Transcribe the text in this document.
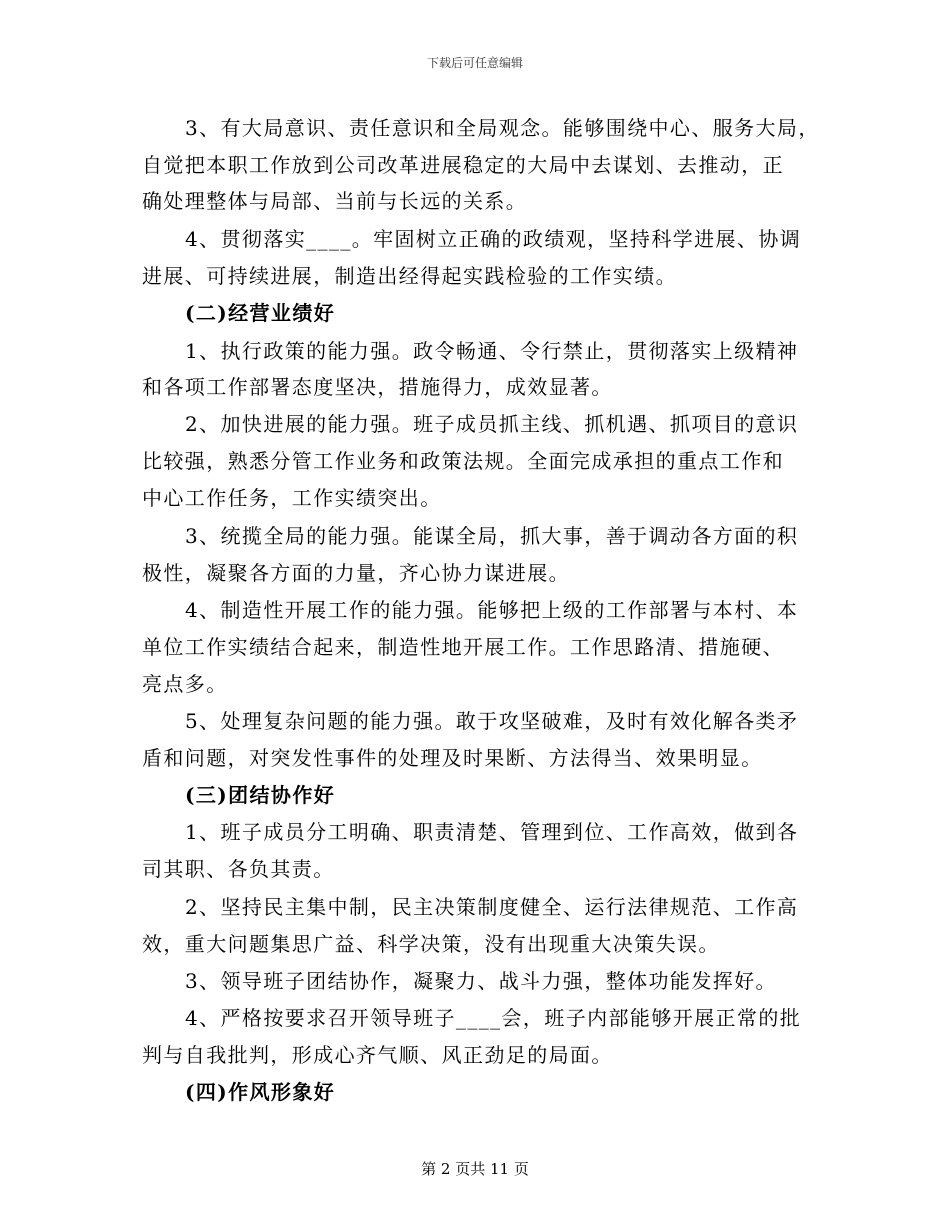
下载后可任意编辑
3、有大局意识、责任意识和全局观念。能够围绕中心、服务大局，
自觉把本职工作放到公司改革进展稳定的大局中去谋划、去推动，正
确处理整体与局部、当前与长远的关系。
4、贯彻落实____。牢固树立正确的政绩观，坚持科学进展、协调
进展、可持续进展，制造出经得起实践检验的工作实绩。
(二)经营业绩好
1、执行政策的能力强。政令畅通、令行禁止，贯彻落实上级精神
和各项工作部署态度坚决，措施得力，成效显著。
2、加快进展的能力强。班子成员抓主线、抓机遇、抓项目的意识
比较强，熟悉分管工作业务和政策法规。全面完成承担的重点工作和
中心工作任务，工作实绩突出。
3、统揽全局的能力强。能谋全局，抓大事，善于调动各方面的积
极性，凝聚各方面的力量，齐心协力谋进展。
4、制造性开展工作的能力强。能够把上级的工作部署与本村、本
单位工作实绩结合起来，制造性地开展工作。工作思路清、措施硬、
亮点多。
5、处理复杂问题的能力强。敢于攻坚破难，及时有效化解各类矛
盾和问题，对突发性事件的处理及时果断、方法得当、效果明显。
(三)团结协作好
1、班子成员分工明确、职责清楚、管理到位、工作高效，做到各
司其职、各负其责。
2、坚持民主集中制，民主决策制度健全、运行法律规范、工作高
效，重大问题集思广益、科学决策，没有出现重大决策失误。
3、领导班子团结协作，凝聚力、战斗力强，整体功能发挥好。
4、严格按要求召开领导班子____会，班子内部能够开展正常的批
判与自我批判，形成心齐气顺、风正劲足的局面。
(四)作风形象好
第 2 页共 11 页
